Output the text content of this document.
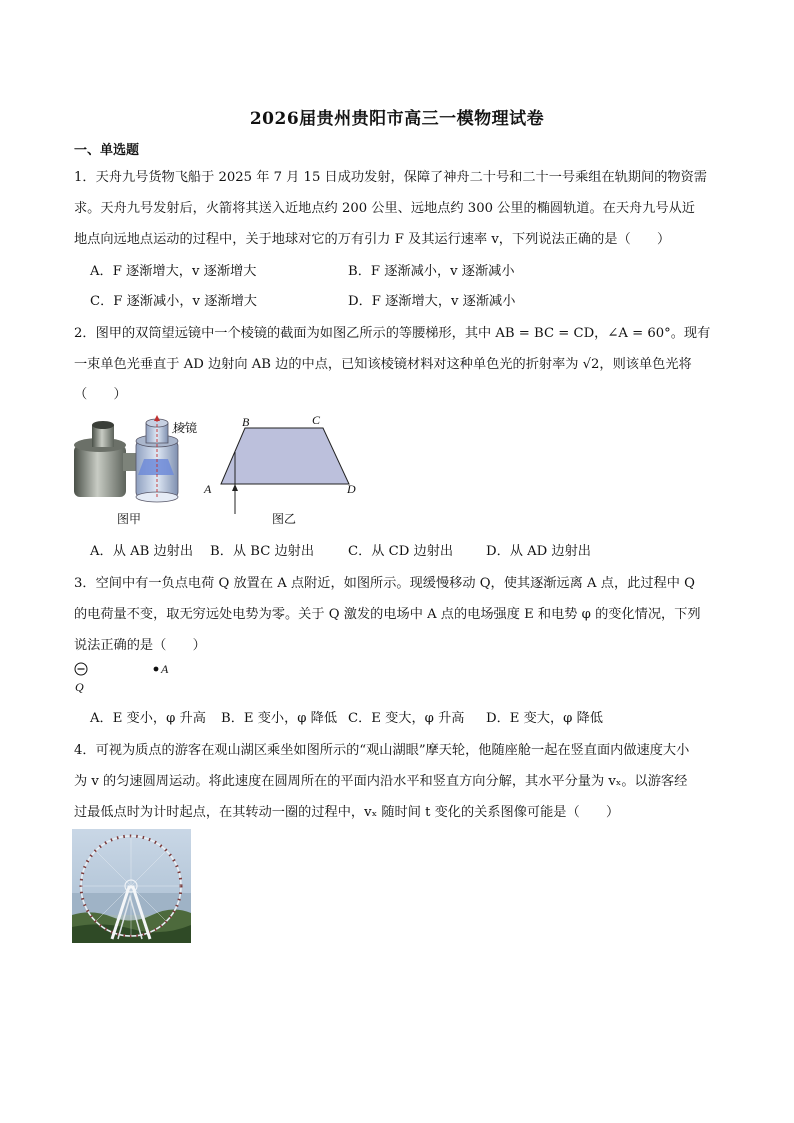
2026届贵州贵阳市高三一模物理试卷
一、单选题
1．天舟九号货物飞船于 2025 年 7 月 15 日成功发射，保障了神舟二十号和二十一号乘组在轨期间的物资需
求。天舟九号发射后，火箭将其送入近地点约 200 公里、远地点约 300 公里的椭圆轨道。在天舟九号从近
地点向远地点运动的过程中，关于地球对它的万有引力 F 及其运行速率 v，下列说法正确的是（　　）
A．F 逐渐增大，v 逐渐增大	B．F 逐渐减小，v 逐渐减小
C．F 逐渐减小，v 逐渐增大	D．F 逐渐增大，v 逐渐减小
2．图甲的双筒望远镜中一个棱镜的截面为如图乙所示的等腰梯形，其中 AB = BC = CD，∠A = 60°。现有
一束单色光垂直于 AD 边射向 AB 边的中点，已知该棱镜材料对这种单色光的折射率为 √2，则该单色光将
（　　）
棱镜
图甲
A
B	C
D
图乙
A．从 AB 边射出 B．从 BC 边射出	C．从 CD 边射出 D．从 AD 边射出
3．空间中有一负点电荷 Q 放置在 A 点附近，如图所示。现缓慢移动 Q，使其逐渐远离 A 点，此过程中 Q
的电荷量不变，取无穷远处电势为零。关于 Q 激发的电场中 A 点的电场强度 E 和电势 φ 的变化情况，下列
说法正确的是（　　）
Q
A
A．E 变小，φ 升高 B．E 变小，φ 降低 C．E 变大，φ 升高 D．E 变大，φ 降低
4．可视为质点的游客在观山湖区乘坐如图所示的“观山湖眼”摩天轮，他随座舱一起在竖直面内做速度大小
为 v 的匀速圆周运动。将此速度在圆周所在的平面内沿水平和竖直方向分解，其水平分量为 vₓ。以游客经
过最低点时为计时起点，在其转动一圈的过程中，vₓ 随时间 t 变化的关系图像可能是（　　）
